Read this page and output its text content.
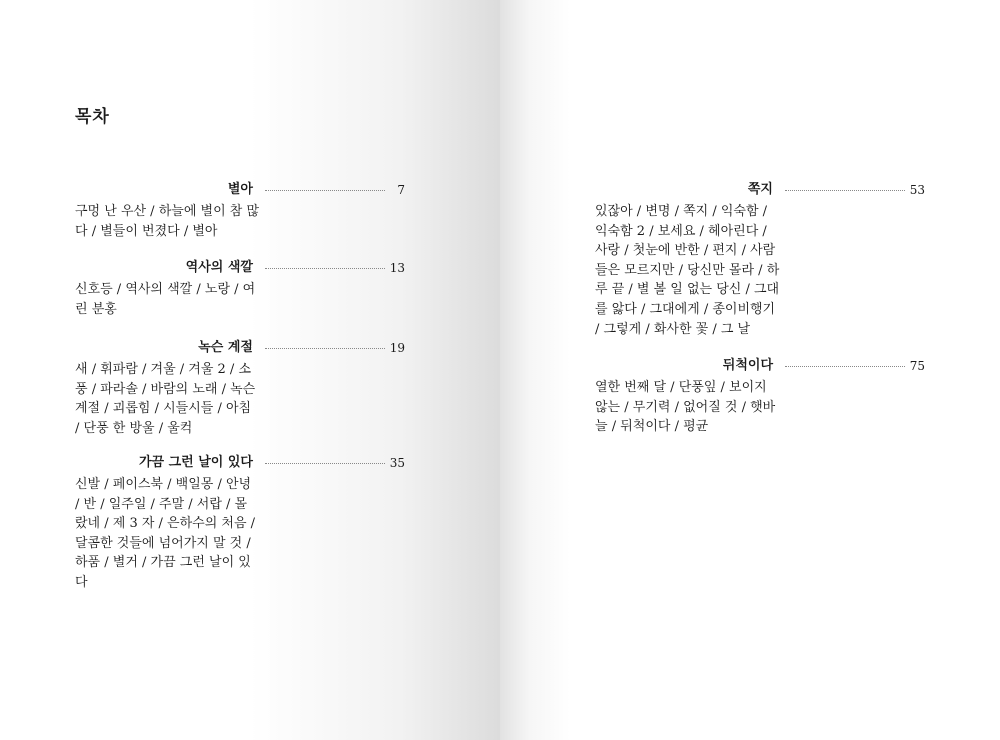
목차
별아	7
구멍 난 우산 / 하늘에 별이 참 많
다 / 별들이 번졌다 / 별아
역사의 색깔	13
신호등 / 역사의 색깔 / 노랑 / 여
린 분홍
녹슨 계절	19
새 / 휘파람 / 겨울 / 겨울 2 / 소
풍 / 파라솔 / 바람의 노래 / 녹슨
계절 / 괴롭힘 / 시들시들 / 아침
/ 단풍 한 방울 / 울컥
가끔 그런 날이 있다	35
신발 / 페이스북 / 백일몽 / 안녕
/ 반 / 일주일 / 주말 / 서랍 / 몰
랐네 / 제 3 자 / 은하수의 처음 /
달콤한 것들에 넘어가지 말 것 /
하품 / 별거 / 가끔 그런 날이 있
다
쪽지	53
있잖아 / 변명 / 쪽지 / 익숙함 /
익숙함 2 / 보세요 / 헤아린다 /
사랑 / 첫눈에 반한 / 편지 / 사람
들은 모르지만 / 당신만 몰라 / 하
루 끝 / 별 볼 일 없는 당신 / 그대
를 앓다 / 그대에게 / 종이비행기
/ 그렇게 / 화사한 꽃 / 그 날
뒤척이다	75
열한 번째 달 / 단풍잎 / 보이지
않는 / 무기력 / 없어질 것 / 햇바
늘 / 뒤척이다 / 평균
